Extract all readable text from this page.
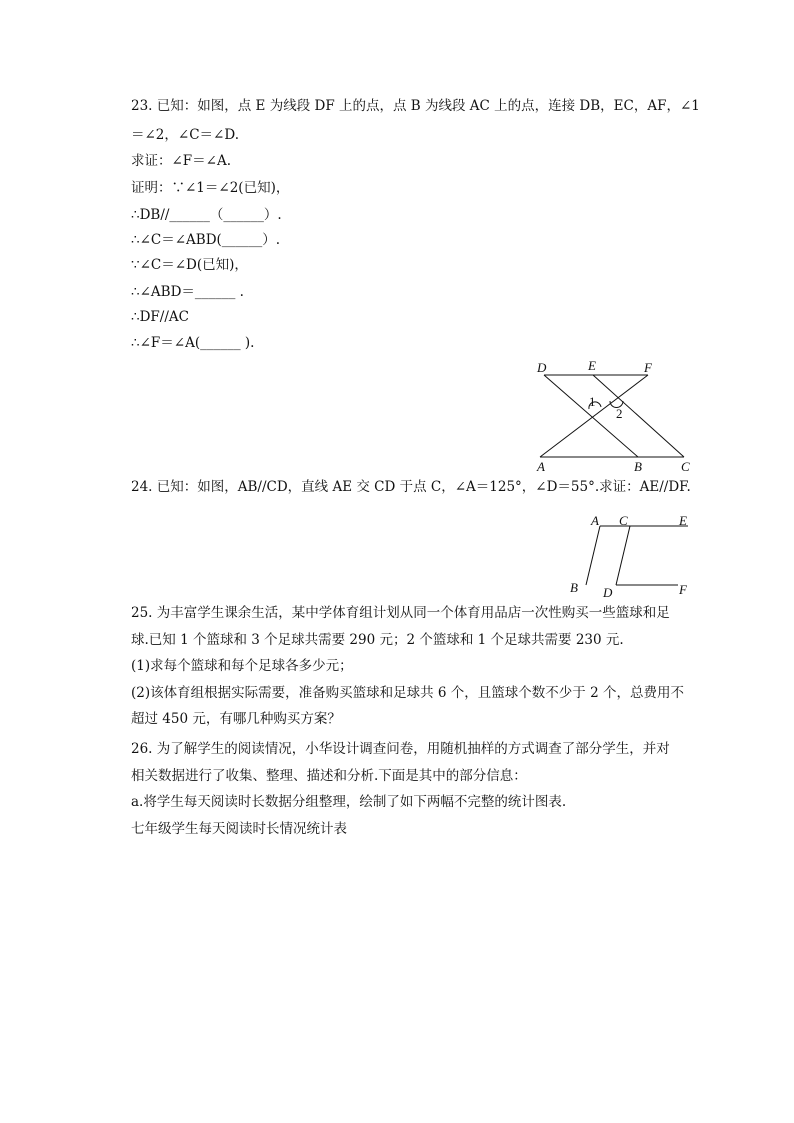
23. 已知：如图，点 E 为线段 DF 上的点，点 B 为线段 AC 上的点，连接 DB，EC，AF，∠1
＝∠2，∠C＝∠D.
求证：∠F＝∠A.
证明：∵∠1＝∠2(已知)，
∴DB//______（______）.
∴∠C＝∠ABD(______）.
∵∠C＝∠D(已知)，
∴∠ABD＝______ .
∴DF//AC
∴∠F＝∠A(______ ).
D	E	F
A	B	C
1
2
24. 已知：如图，AB//CD，直线 AE 交 CD 于点 C，∠A＝125°，∠D＝55°.求证：AE//DF.
A C	E
B D	F
25. 为丰富学生课余生活，某中学体育组计划从同一个体育用品店一次性购买一些篮球和足
球.已知 1 个篮球和 3 个足球共需要 290 元；2 个篮球和 1 个足球共需要 230 元.
(1)求每个篮球和每个足球各多少元；
(2)该体育组根据实际需要，准备购买篮球和足球共 6 个，且篮球个数不少于 2 个，总费用不
超过 450 元，有哪几种购买方案？
26. 为了解学生的阅读情况，小华设计调查问卷，用随机抽样的方式调查了部分学生，并对
相关数据进行了收集、整理、描述和分析.下面是其中的部分信息：
a.将学生每天阅读时长数据分组整理，绘制了如下两幅不完整的统计图表.
七年级学生每天阅读时长情况统计表
